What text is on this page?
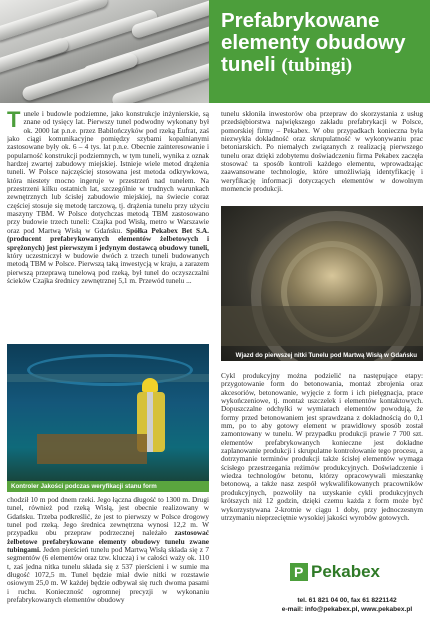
Prefabrykowane
elementy obudowy
tuneli (tubingi)
T unele i budowle podziemne, jako konstrukcje inżynierskie, są znane od tysięcy lat. Pierwszy tunel podwodny wykonany był ok. 2000 lat p.n.e. przez Babilończyków pod rzeką Eufrat, zaś jako ciągi komunikacyjne pomiędzy szybami kopalnianymi zastosowane były ok. 6 – 4 tys. lat p.n.e. Obecnie zainteresowanie i popularność konstrukcji podziemnych, w tym tuneli, wynika z oznak hardzej zwartej zabudowy miejskiej. Istnieje wiele metod drążenia tuneli. W Polsce najczęściej stosowana jest metoda odkrywkowa, która niestety mocno ingeruje w przestrzeń nad tunelem. Na przestrzeni kilku ostatnich lat, szczególnie w trudnych warunkach zewnętrznych lub ścisłej zabudowie miejskiej, na świecie coraz częściej stosuje się metodę tarczową, tj. drążenia tunelu przy użyciu maszyny TBM. W Polsce dotychczas metodą TBM zastosowano przy budowie trzech tuneli: Czajka pod Wisłą, metro w Warszawie oraz pod Martwą Wisłą w Gdańsku. Spółka Pekabex Bet S.A. (producent prefabrykowanych elementów żelbetowych i sprężonych) jest pierwszym i jedynym dostawcą obudowy tuneli, który uczestniczył w budowie dwóch z trzech tuneli budowanych metodą TBM w Polsce. Pierwszą taką inwestycją w kraju, a zarazem pierwszą przeprawą tunelową pod rzeką, był tunel do oczyszczalni ścieków Czajka średnicy zewnętrznej 5,1 m. Przewód tunelu ...

Kontroler Jakości podczas weryfikacji stanu form

chodził 10 m pod dnem rzeki. Jego łączna długość to 1300 m. Drugi tunel, również pod rzeką Wisłą, jest obecnie realizowany w Gdańsku. Trzeba podkreślić, że jest to pierwszy w Polsce drogowy tunel pod rzeką. Jego średnica zewnętrzna wynosi 12,2 m. W przypadku obu przepraw podrzecznej należało zastosować żelbetowe prefabrykowane elementy obudowy tunelu zwane tubingami. Jeden pierścień tunelu pod Martwą Wisłą składa się z 7 segmentów (6 elementów oraz tzw. klucza) i w całości waży ok. 110 t, zaś jedna nitka tunelu składa się z 537 pierścieni i w sumie ma długość 1072,5 m. Tunel będzie miał dwie nitki w rozstawie osiowym 25,0 m. W każdej będzie odbywał się ruch dwoma pasami i ruchu. Konieczność ogromnej precyzji w wykonaniu prefabrykowanych elementów obudowy

tunelu skłoniła inwestorów oba przepraw do skorzystania z usług przedsiębiorstwa największego zakładu prefabrykacji w Polsce, pomorskiej firmy – Pekabex. W obu przypadkach konieczna była niezwykła dokładność oraz skrupulatność w wykonywaniu prac betoniarskich. Po niemałych związanych z realizacją pierwszego tunelu oraz dzięki zdobytemu doświadczeniu firma Pekabex zaczęła stosować ta sposób kontroli każdego elementu, wprowadzając zaawansowane technologie, które umożliwiają identyfikację i weryfikację informacji dotyczących elementów w dowolnym momencie produkcji.

Wjazd do pierwszej nitki Tunelu pod Martwą Wisłą w Gdańsku

Cykl produkcyjny można podzielić na następujące etapy: przygotowanie form do betonowania, montaż zbrojenia oraz akcesoriów, betonowanie, wyjęcie z form i ich pielęgnacja, prace wykończeniowe, tj. montaż uszczelek i elementów kontaktowych. Dopuszczalne odchyłki w wymiarach elementów powodują, że formy przed betonowaniem jest sprawdzana z dokładnością do 0,1 mm, po to aby gotowy element w prawidłowy sposób został zamontowany w tunelu. W przypadku produkcji prawie 7 700 szt. elementów prefabrykowanych konieczne jest dokładne zaplanowanie produkcji i skrupulatne kontrolowanie tego procesu, a dotrzymanie terminów produkcji także ścisłej elementów wymaga ścisłego przestrzegania reżimów produkcyjnych. Doświadczenie i wiedza technologów betonu, którzy opracowywali mieszankę betonową, a także nasz zespół wykwalifikowanych pracowników produkcyjnych, pozwoliły na uzyskanie cykli produkcyjnych krótszych niż 12 godzin, dzięki czemu każda z form może być wykorzystywana 2-krotnie w ciągu 1 doby, przy jednoczesnym utrzymaniu nieprzeciętnie wysokiej jakości wyrobów gotowych.

P Pekabex
tel. 61 821 04 00, fax 61 8221142
e-mail: info@pekabex.pl, www.pekabex.pl
